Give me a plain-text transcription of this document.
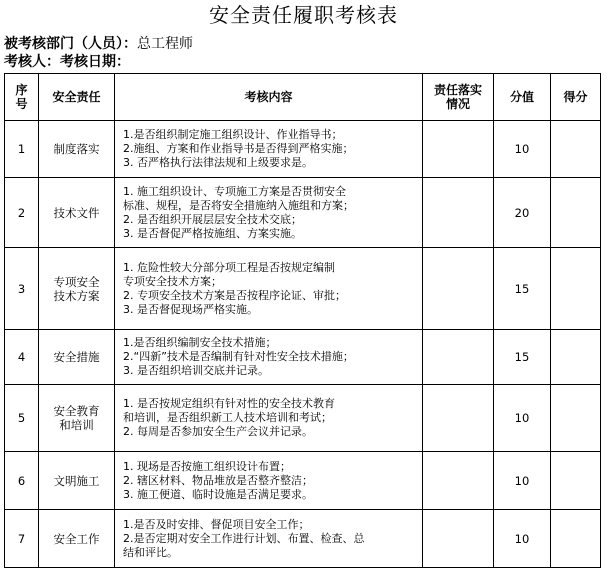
安全责任履职考核表
被考核部门（人员）：总工程师
考核人：考核日期：
序号	安全责任	考核内容	责任落实情况	分值	得分
1	制度落实	1.是否组织制定施工组织设计、作业指导书；
2.施组、方案和作业指导书是否得到严格实施；
3. 否严格执行法律法规和上级要求是。		10	
2	技术文件	1. 施工组织设计、专项施工方案是否贯彻安全
标准、规程，是否将安全措施纳入施组和方案；
2. 是否组织开展层层安全技术交底；
3. 是否督促严格按施组、方案实施。		20	
3	专项安全技术方案	1. 危险性较大分部分项工程是否按规定编制
专项安全技术方案；
2. 专项安全技术方案是否按程序论证、审批；
3. 是否督促现场严格实施。		15	
4	安全措施	1.是否组织编制安全技术措施；
2.“四新”技术是否编制有针对性安全技术措施；
3. 是否组织培训交底并记录。		15	
5	安全教育和培训	1. 是否按规定组织有针对性的安全技术教育
和培训，是否组织新工人技术培训和考试；
2. 每周是否参加安全生产会议并记录。		10	
6	文明施工	1. 现场是否按施工组织设计布置；
2. 辖区材料、物品堆放是否整齐整洁；
3. 施工便道、临时设施是否满足要求。		10	
7	安全工作	1.是否及时安排、督促项目安全工作；
2.是否定期对安全工作进行计划、布置、检查、总
结和评比。		10	
